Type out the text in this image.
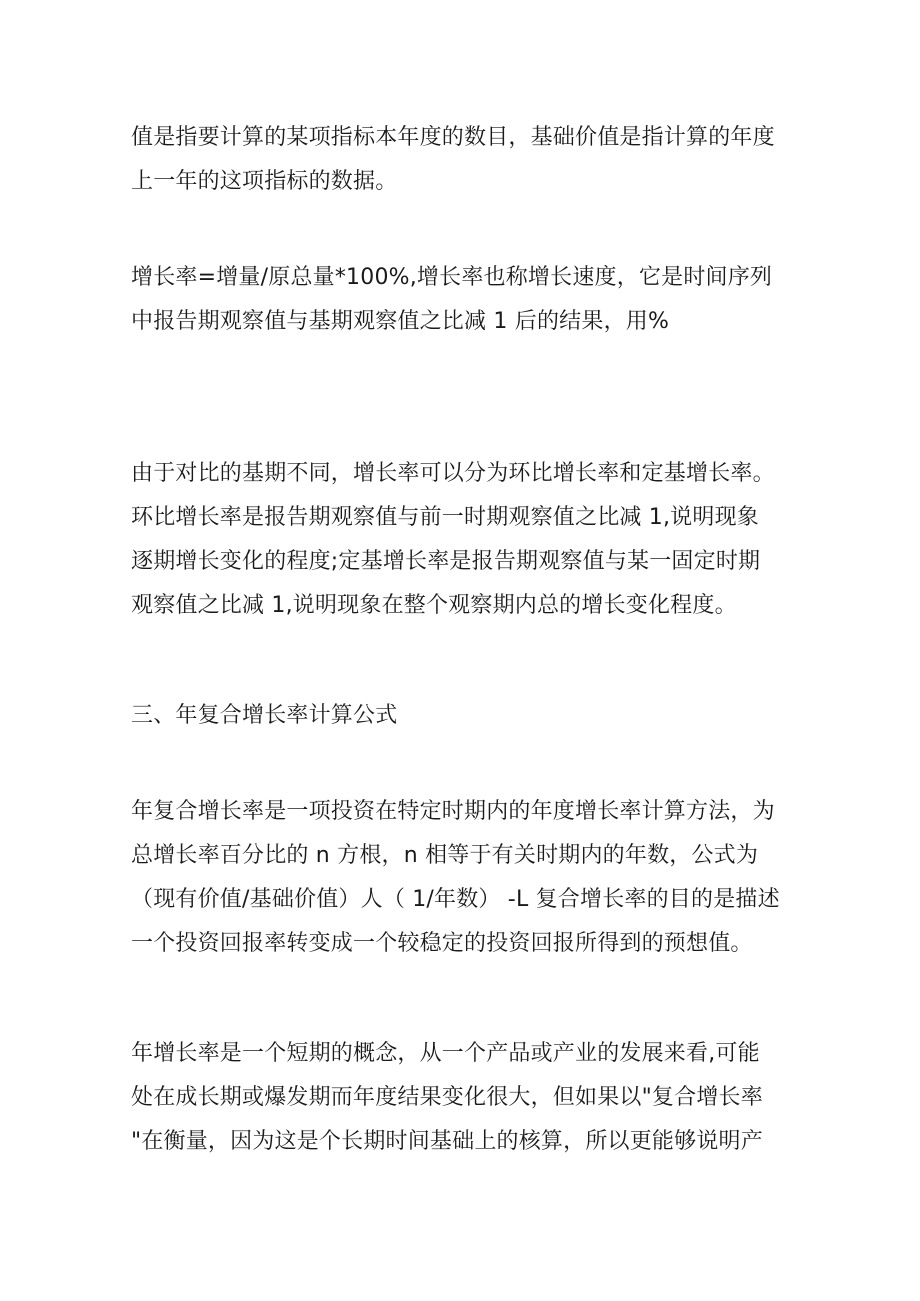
值是指要计算的某项指标本年度的数目，基础价值是指计算的年度
上一年的这项指标的数据。

增长率=增量/原总量*100%,增长率也称增长速度，它是时间序列
中报告期观察值与基期观察值之比减 1 后的结果，用%

由于对比的基期不同，增长率可以分为环比增长率和定基增长率。
环比增长率是报告期观察值与前一时期观察值之比减 1,说明现象
逐期增长变化的程度;定基增长率是报告期观察值与某一固定时期
观察值之比减 1,说明现象在整个观察期内总的增长变化程度。

三、年复合增长率计算公式

年复合增长率是一项投资在特定时期内的年度增长率计算方法，为
总增长率百分比的 n 方根，n 相等于有关时期内的年数，公式为
（现有价值/基础价值）人（ 1/年数） -L 复合增长率的目的是描述
一个投资回报率转变成一个较稳定的投资回报所得到的预想值。

年增长率是一个短期的概念，从一个产品或产业的发展来看,可能
处在成长期或爆发期而年度结果变化很大，但如果以"复合增长率
"在衡量，因为这是个长期时间基础上的核算，所以更能够说明产
